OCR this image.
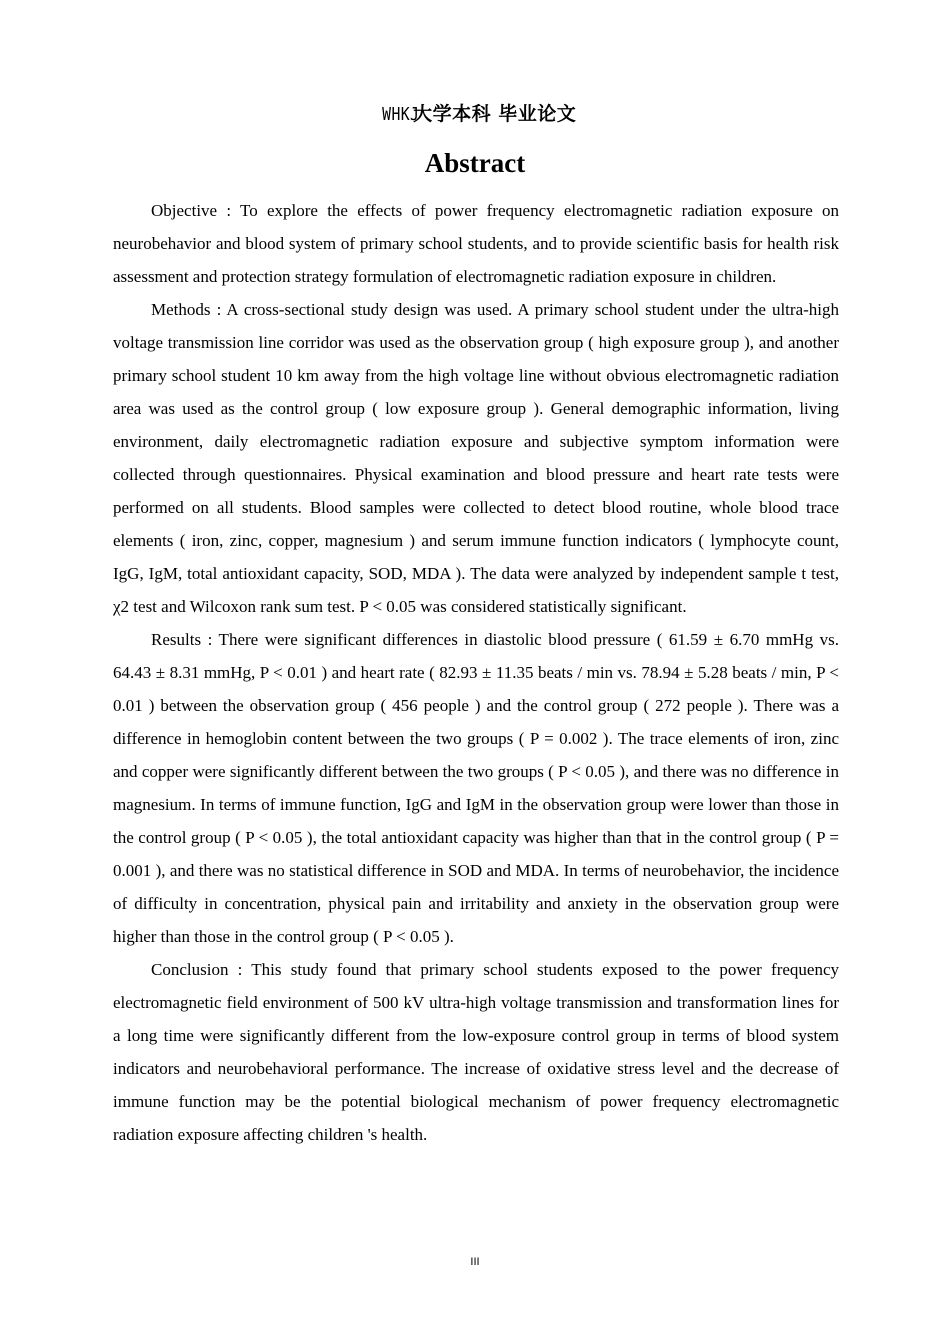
WHKJ大学本科 毕业论文
Abstract

Objective : To explore the effects of power frequency electromagnetic radiation exposure on neurobehavior and blood system of primary school students, and to provide scientific basis for health risk assessment and protection strategy formulation of electromagnetic radiation exposure in children.

Methods : A cross-sectional study design was used. A primary school student under the ultra-high voltage transmission line corridor was used as the observation group ( high exposure group ), and another primary school student 10 km away from the high voltage line without obvious electromagnetic radiation area was used as the control group ( low exposure group ). General demographic information, living environment, daily electromagnetic radiation exposure and subjective symptom information were collected through questionnaires. Physical examination and blood pressure and heart rate tests were performed on all students. Blood samples were collected to detect blood routine, whole blood trace elements ( iron, zinc, copper, magnesium ) and serum immune function indicators ( lymphocyte count, IgG, IgM, total antioxidant capacity, SOD, MDA ). The data were analyzed by independent sample t test, χ2 test and Wilcoxon rank sum test. P < 0.05 was considered statistically significant.

Results : There were significant differences in diastolic blood pressure ( 61.59 ± 6.70 mmHg vs. 64.43 ± 8.31 mmHg, P < 0.01 ) and heart rate ( 82.93 ± 11.35 beats / min vs. 78.94 ± 5.28 beats / min, P < 0.01 ) between the observation group ( 456 people ) and the control group ( 272 people ). There was a difference in hemoglobin content between the two groups ( P = 0.002 ). The trace elements of iron, zinc and copper were significantly different between the two groups ( P < 0.05 ), and there was no difference in magnesium. In terms of immune function, IgG and IgM in the observation group were lower than those in the control group ( P < 0.05 ), the total antioxidant capacity was higher than that in the control group ( P = 0.001 ), and there was no statistical difference in SOD and MDA. In terms of neurobehavior, the incidence of difficulty in concentration, physical pain and irritability and anxiety in the observation group were higher than those in the control group ( P < 0.05 ).

Conclusion : This study found that primary school students exposed to the power frequency electromagnetic field environment of 500 kV ultra-high voltage transmission and transformation lines for a long time were significantly different from the low-exposure control group in terms of blood system indicators and neurobehavioral performance. The increase of oxidative stress level and the decrease of immune function may be the potential biological mechanism of power frequency electromagnetic radiation exposure affecting children 's health.

III
